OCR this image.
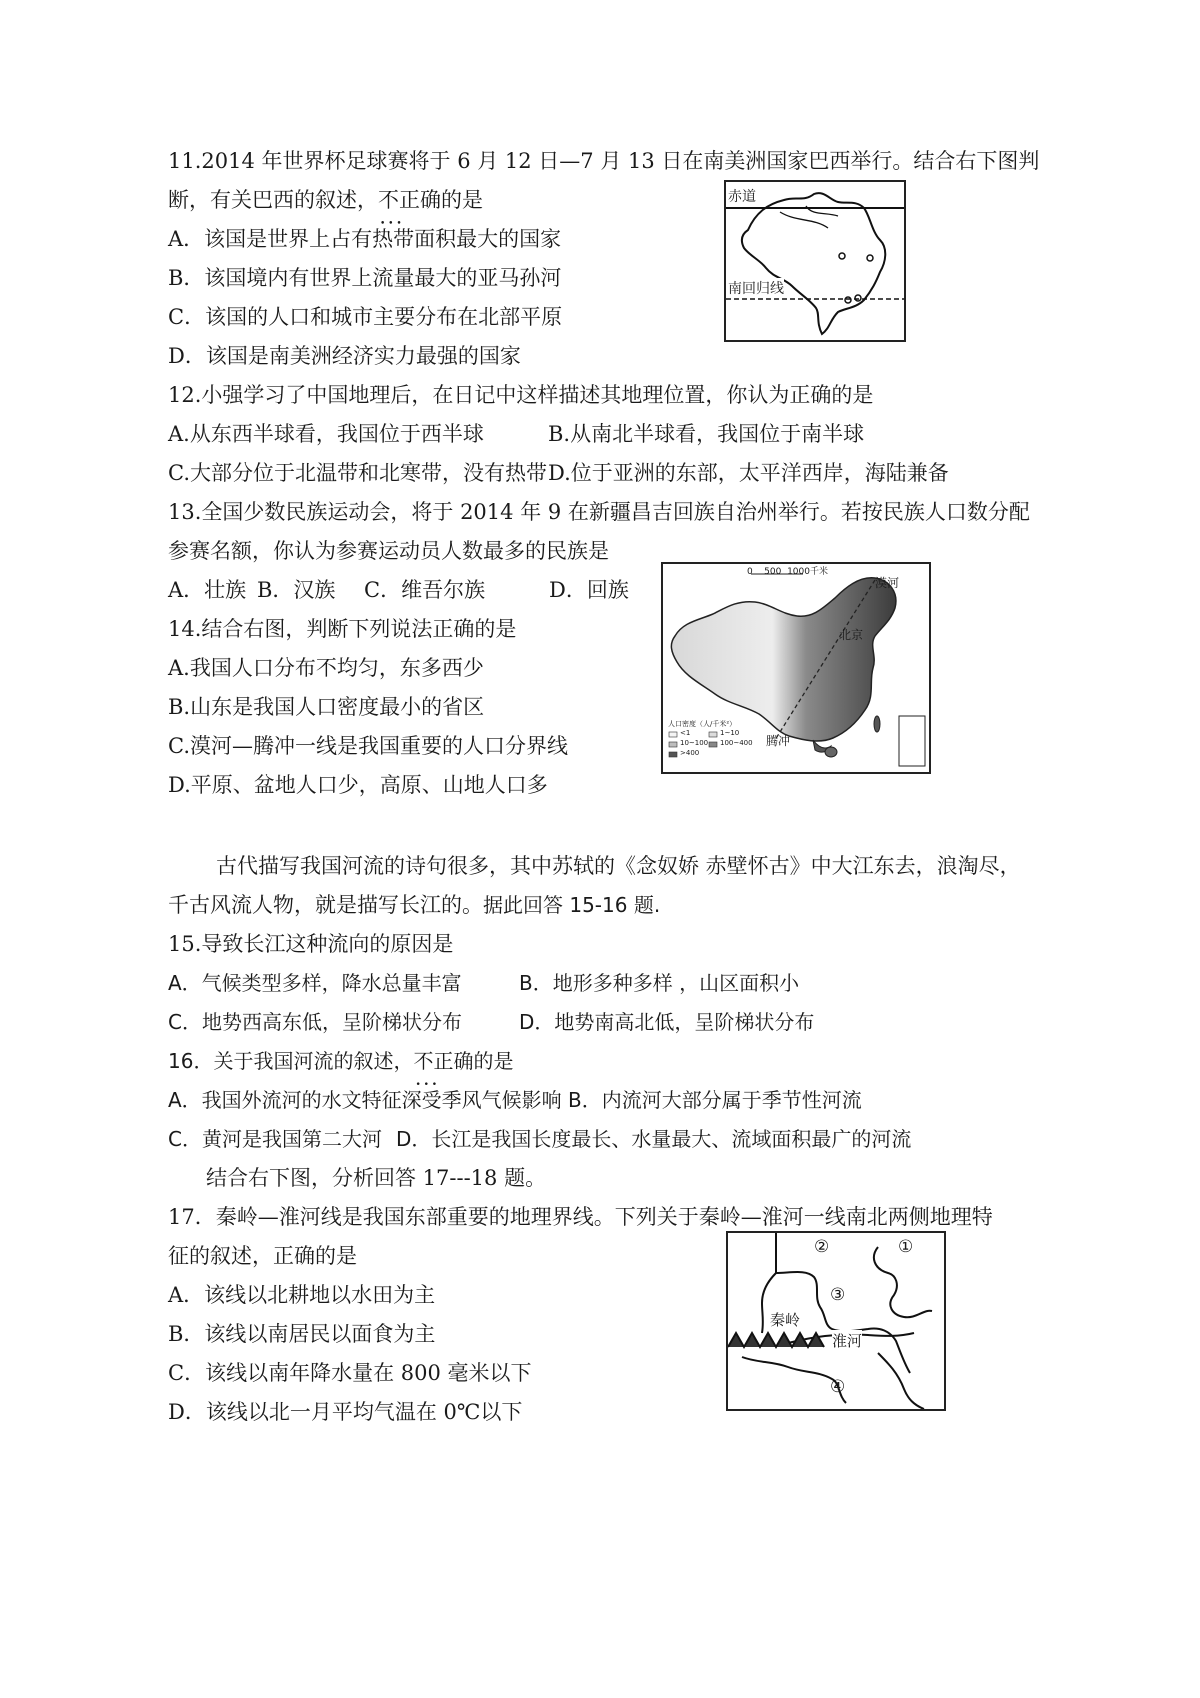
11.2014 年世界杯足球赛将于 6 月 12 日—7 月 13 日在南美洲国家巴西举行。结合右下图判
断，有关巴西的叙述，不正确 • • •的是
A．该国是世界上占有热带面积最大的国家
B．该国境内有世界上流量最大的亚马孙河
C．该国的人口和城市主要分布在北部平原
D．该国是南美洲经济实力最强的国家
赤道
南回归线
12.小强学习了中国地理后，在日记中这样描述其地理位置，你认为正确的是
A.从东西半球看，我国位于西半球	B.从南北半球看，我国位于南半球
C.大部分位于北温带和北寒带，没有热带 D.位于亚洲的东部，太平洋西岸，海陆兼备
13.全国少数民族运动会，将于 2014 年 9 在新疆昌吉回族自治州举行。若按民族人口数分配
参赛名额，你认为参赛运动员人数最多的民族是
A．壮族 B．汉族 C．维吾尔族	D．回族
14.结合右图，判断下列说法正确的是
A.我国人口分布不均匀，东多西少
B.山东是我国人口密度最小的省区
C.漠河—腾冲一线是我国重要的人口分界线
D.平原、盆地人口少，高原、山地人口多
0    500  1000千米
漠河
北京
腾冲
人口密度（人/千米²）
<1	1~10
10~100 100~400
>400
古代描写我国河流的诗句很多，其中苏轼的《念奴娇 赤壁怀古》中大江东去，浪淘尽，
千古风流人物，就是描写长江的。据此回答 15-16 题.
15.导致长江这种流向的原因是
A．气候类型多样，降水总量丰富	B．地形多种多样 ，山区面积小
C．地势西高东低，呈阶梯状分布	D．地势南高北低，呈阶梯状分布
16．关于我国河流的叙述，不正确 • • •的是
A．我国外流河的水文特征深受季风气候影响 B．内流河大部分属于季节性河流
C．黄河是我国第二大河 D．长江是我国长度最长、水量最大、流域面积最广的河流
结合右下图，分析回答 17---18 题。
17．秦岭—淮河线是我国东部重要的地理界线。下列关于秦岭—淮河一线南北两侧地理特
征的叙述，正确的是
A．该线以北耕地以水田为主
B．该线以南居民以面食为主
C．该线以南年降水量在 800 毫米以下
D．该线以北一月平均气温在 0℃以下
②	①
③
④
秦岭
淮河
